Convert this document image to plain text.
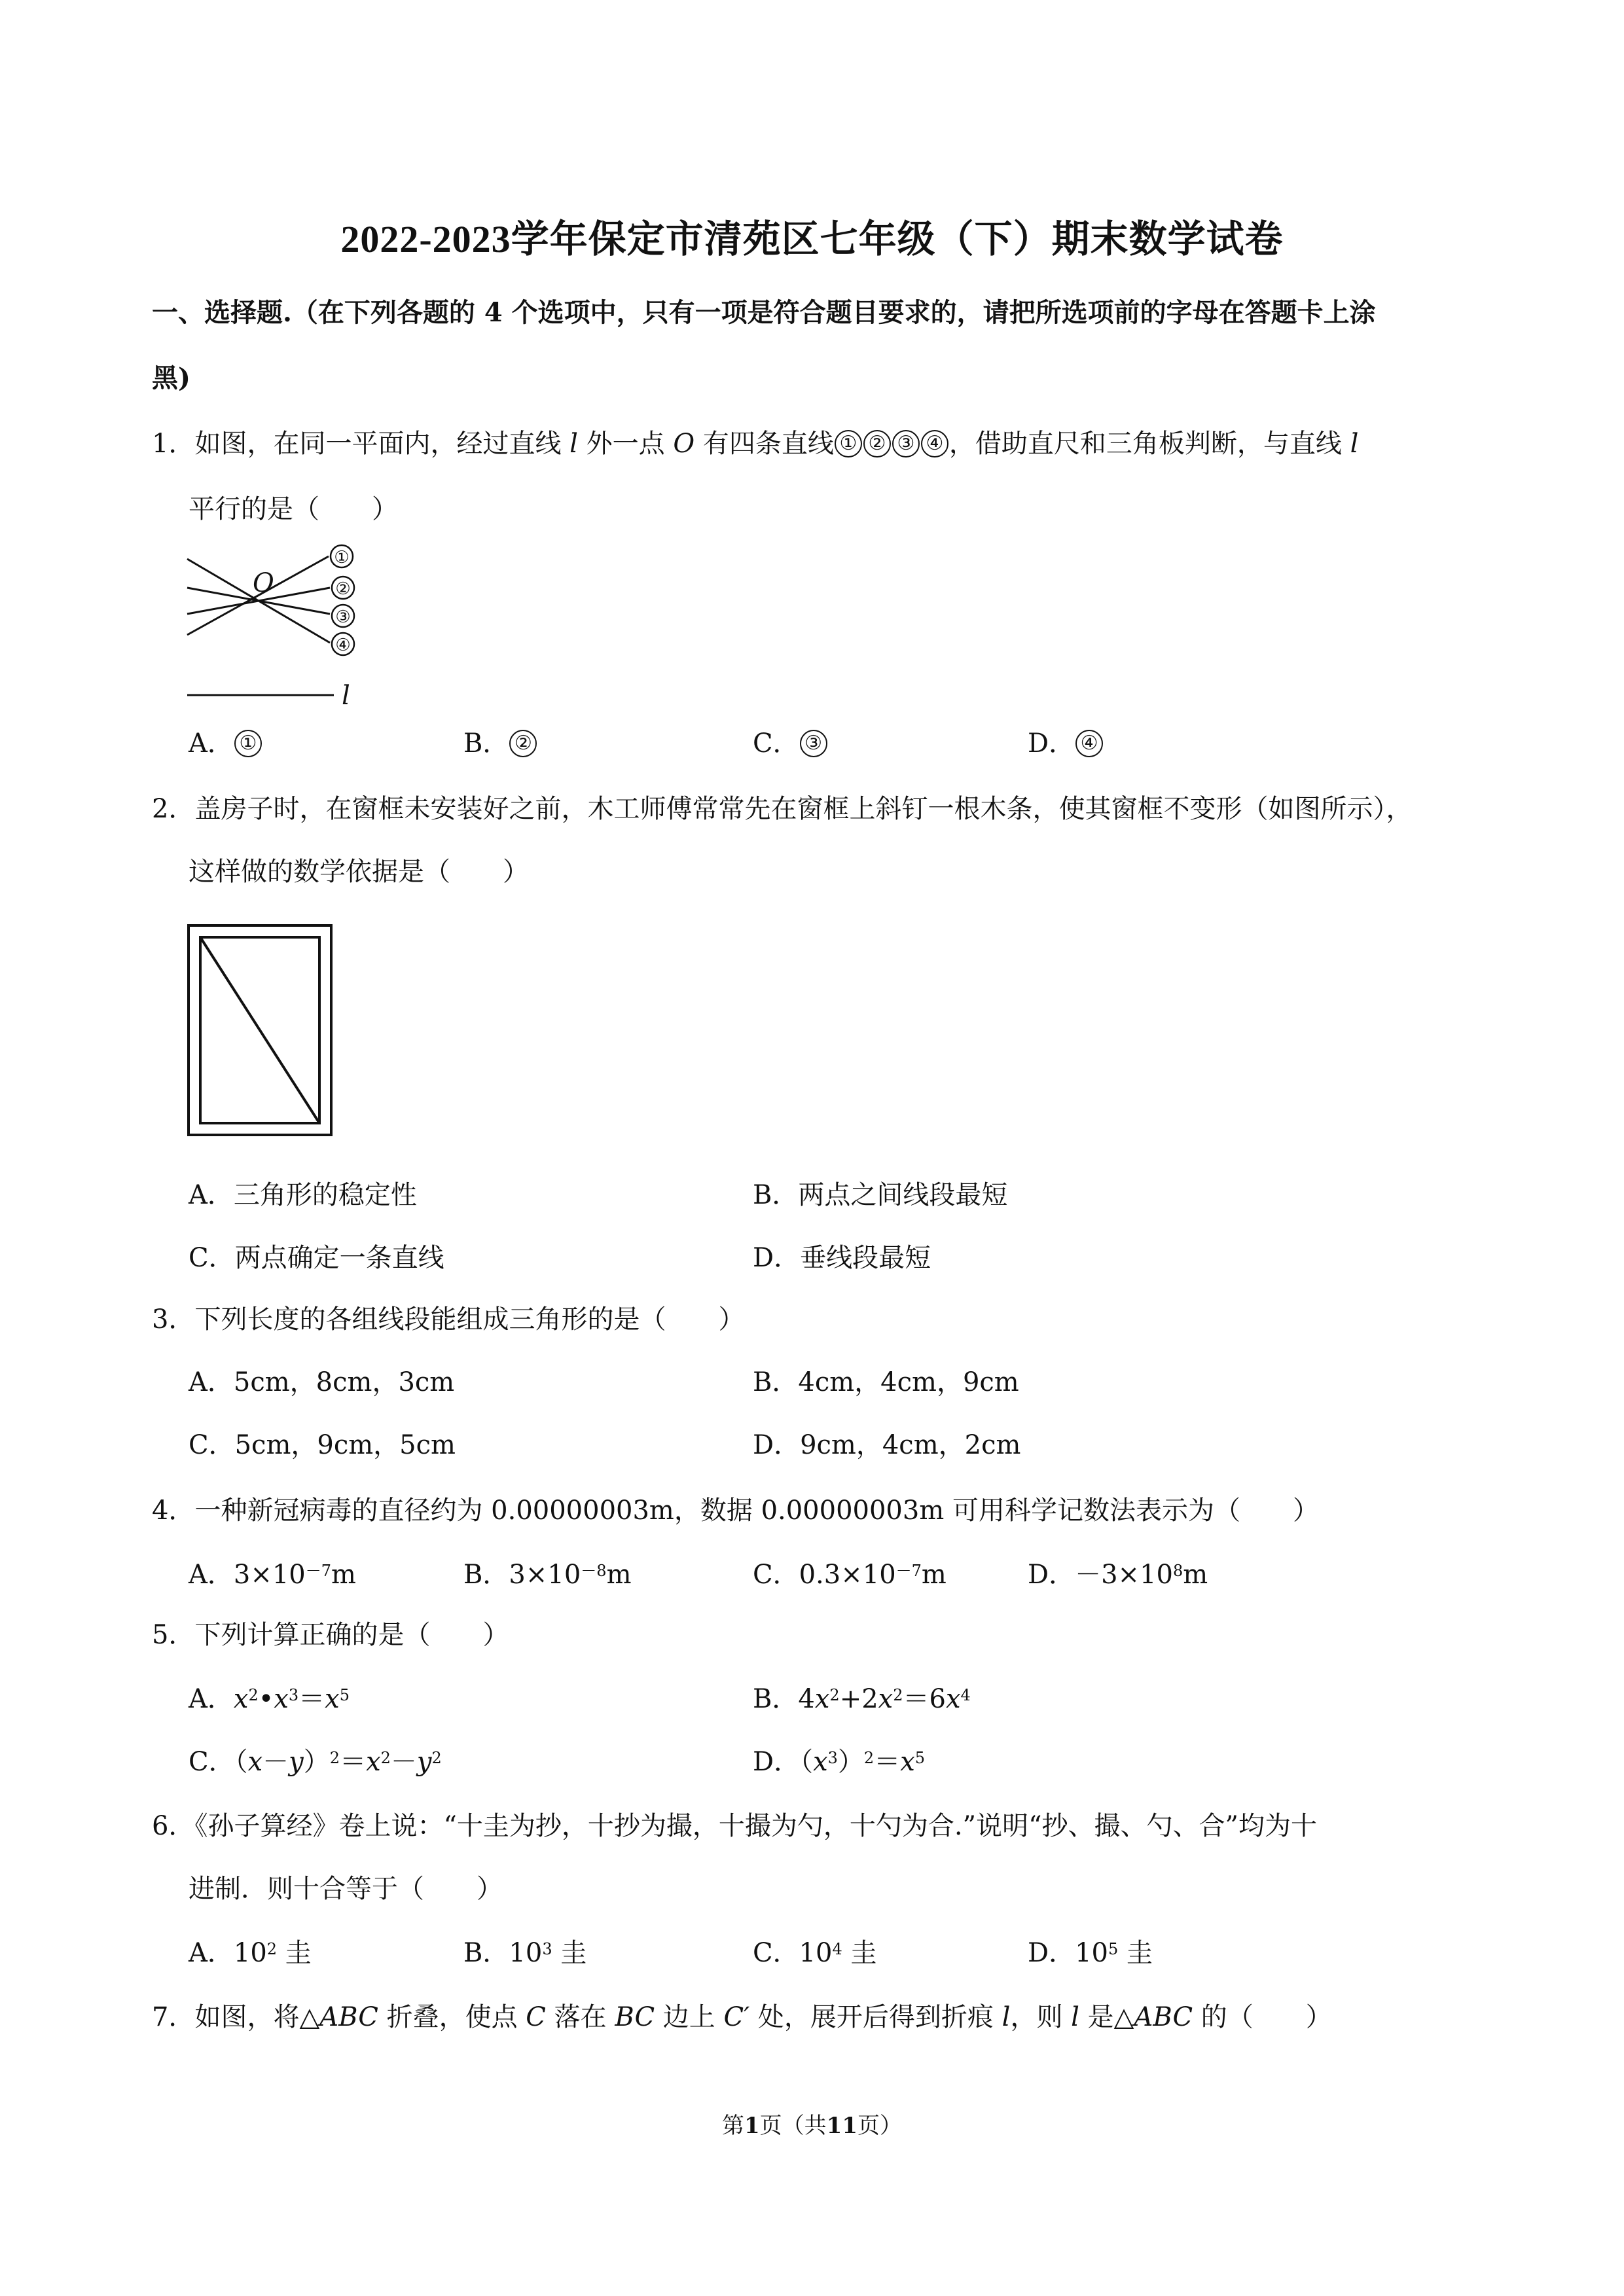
2022-2023学年保定市清苑区七年级（下）期末数学试卷
一、选择题.（在下列各题的 4 个选项中，只有一项是符合题目要求的，请把所选项前的字母在答题卡上涂
黑)
1．如图，在同一平面内，经过直线 l 外一点 O 有四条直线 ① ② ③ ④ ，借助直尺和三角板判断，与直线 l
平行的是（　　）
O
l
①
②
③
④
A． ①	B． ②	C． ③	D． ④
2．盖房子时，在窗框未安装好之前，木工师傅常常先在窗框上斜钉一根木条，使其窗框不变形（如图所示），
这样做的数学依据是（　　）
A．三角形的稳定性	B．两点之间线段最短
C．两点确定一条直线	D．垂线段最短
3．下列长度的各组线段能组成三角形的是（　　）
A．5cm，8cm，3cm	B．4cm，4cm，9cm
C．5cm，9cm，5cm	D．9cm，4cm，2cm
4．一种新冠病毒的直径约为 0.00000003m，数据 0.00000003m 可用科学记数法表示为（　　）
A．$3\times 10^{-7}m$	B．$3\times 10^{-8}m$	C．$0.3\times 10^{-7}m$	D．$-3\times 10^8m$
5．下列计算正确的是（　　）
A．$x^2•x^3=x^5$	B．$4x^2+2x^2=6x^4$
C．$(x-y)^2=x^2-y^2$	D．$(x^3)^2=x^5$
6．《孙子算经》卷上说：“十圭为抄，十抄为撮，十撮为勺，十勺为合.”说明“抄、撮、勺、合”均为十
进制．则十合等于（　　）
A．$10^2$ 圭	B．$10^3$ 圭	C．$10^4$ 圭	D．$10^5$ 圭
7．如图，将△ABC 折叠，使点 C 落在 BC 边上 C′ 处，展开后得到折痕 l，则 l 是△ABC 的（　　）
第1页（共11页）
